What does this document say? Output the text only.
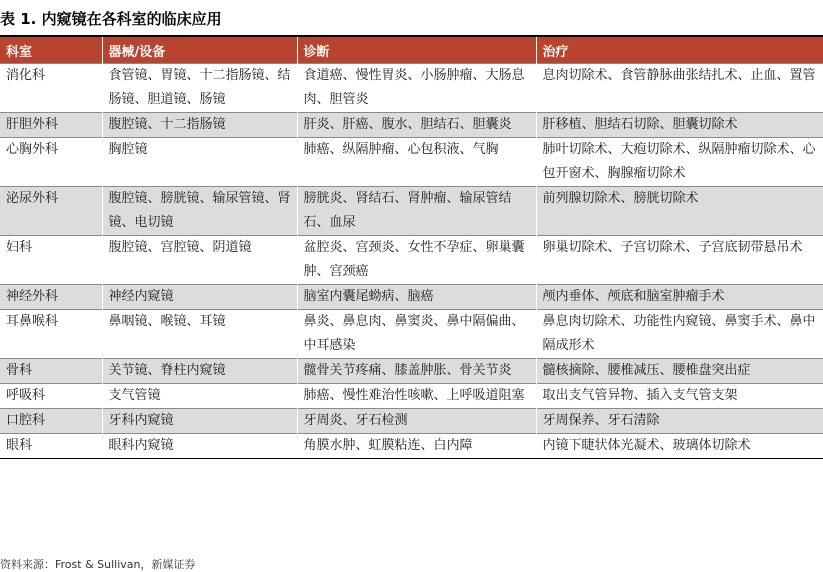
表 1. 内窥镜在各科室的临床应用
科室	器械/设备	诊断	治疗
消化科	食管镜、胃镜、十二指肠镜、结肠镜、胆道镜、肠镜	食道癌、慢性胃炎、小肠肿瘤、大肠息肉、胆管炎	息肉切除术、食管静脉曲张结扎术、止血、置管
肝胆外科	腹腔镜、十二指肠镜	肝炎、肝癌、腹水、胆结石、胆囊炎	肝移植、胆结石切除、胆囊切除术
心胸外科	胸腔镜	肺癌、纵隔肿瘤、心包积液、气胸	肺叶切除术、大疱切除术、纵隔肿瘤切除术、心包开窗术、胸腺瘤切除术
泌尿外科	腹腔镜、膀胱镜、输尿管镜、肾镜、电切镜	膀胱炎、肾结石、肾肿瘤、输尿管结石、血尿	前列腺切除术、膀胱切除术
妇科	腹腔镜、宫腔镜、阴道镜	盆腔炎、宫颈炎、女性不孕症、卵巢囊肿、宫颈癌	卵巢切除术、子宫切除术、子宫底韧带悬吊术
神经外科	神经内窥镜	脑室内囊尾蚴病、脑癌	颅内垂体、颅底和脑室肿瘤手术
耳鼻喉科	鼻咽镜、喉镜、耳镜	鼻炎、鼻息肉、鼻窦炎、鼻中隔偏曲、中耳感染	鼻息肉切除术、功能性内窥镜、鼻窦手术、鼻中隔成形术
骨科	关节镜、脊柱内窥镜	髋骨关节疼痛、膝盖肿胀、骨关节炎	髓核摘除、腰椎减压、腰椎盘突出症
呼吸科	支气管镜	肺癌、慢性难治性咳嗽、上呼吸道阻塞	取出支气管异物、插入支气管支架
口腔科	牙科内窥镜	牙周炎、牙石检测	牙周保养、牙石清除
眼科	眼科内窥镜	角膜水肿、虹膜粘连、白内障	内镜下睫状体光凝术、玻璃体切除术
资料来源：Frost & Sullivan，新媒证券
